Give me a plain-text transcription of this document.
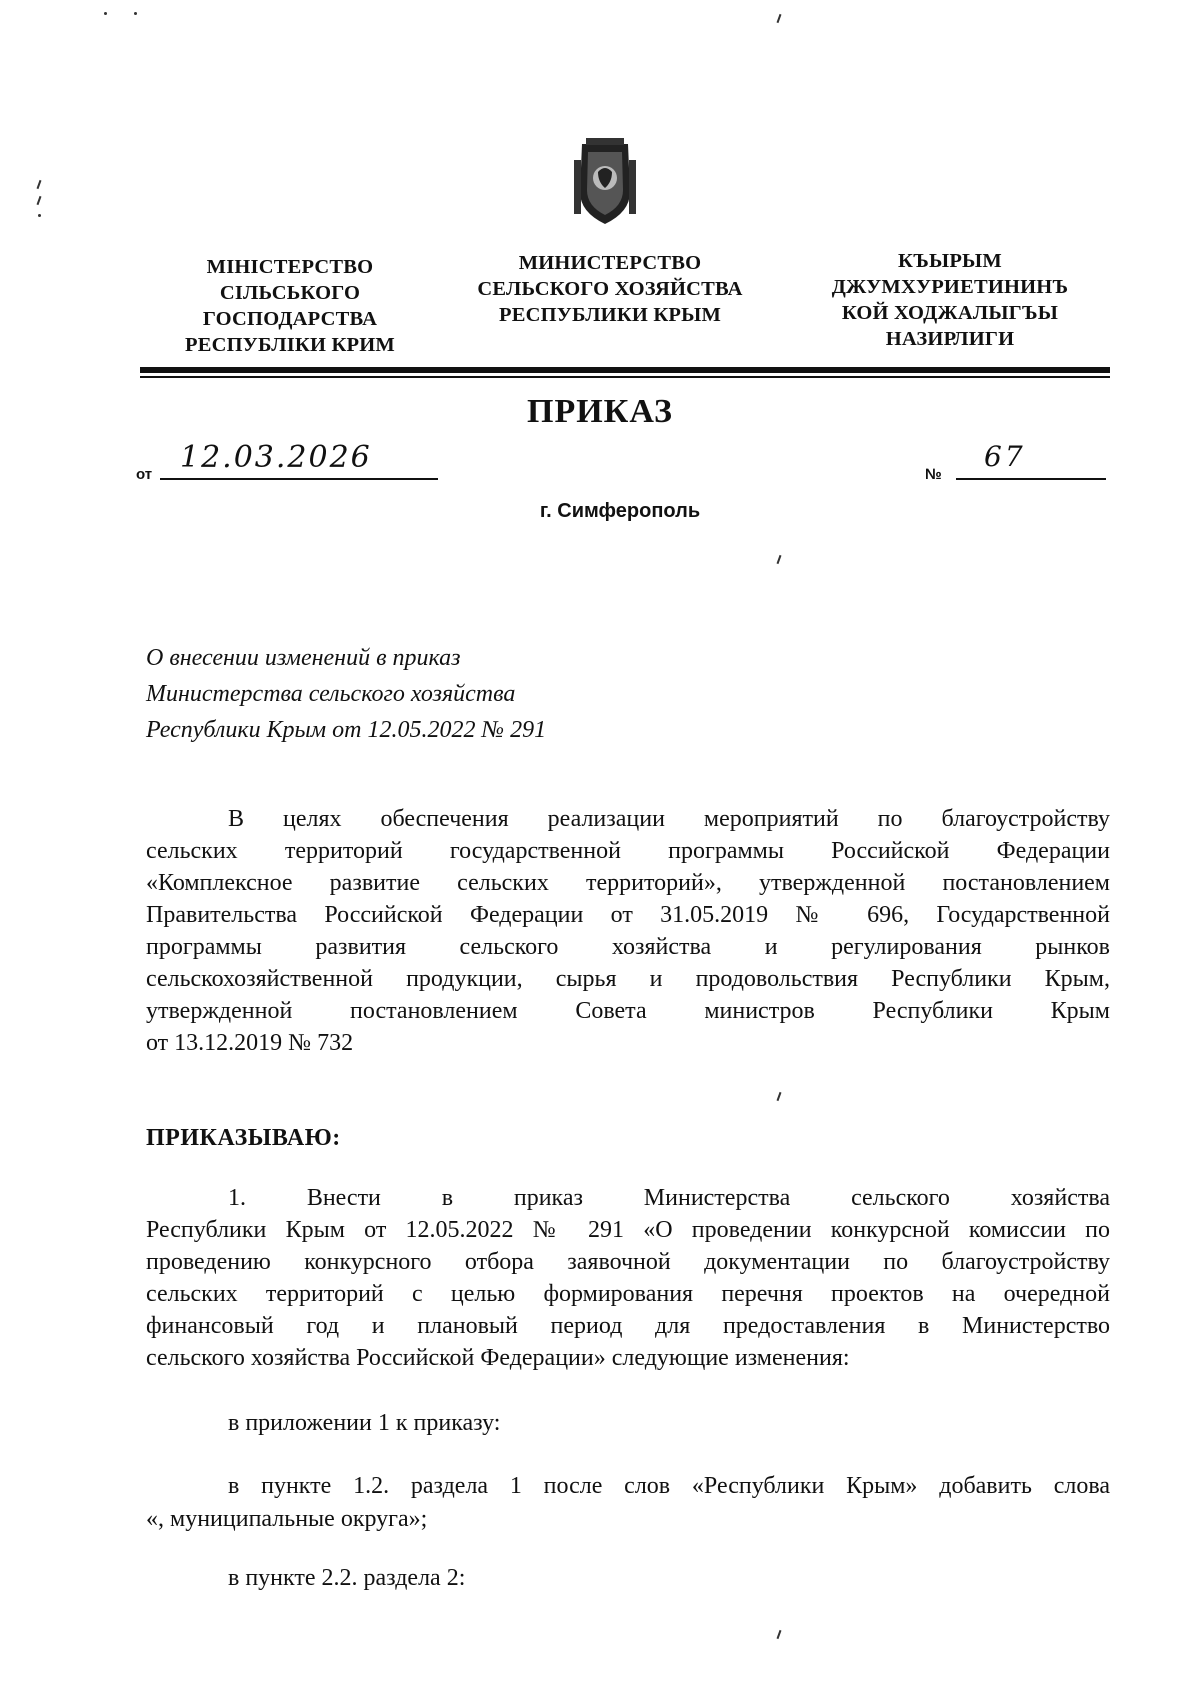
МІНІСТЕРСТВО
СІЛЬСЬКОГО
ГОСПОДАРСТВА
РЕСПУБЛІКИ КРИМ
МИНИСТЕРСТВО
СЕЛЬСКОГО ХОЗЯЙСТВА
РЕСПУБЛИКИ КРЫМ
КЪЫРЫМ
ДЖУМХУРИЕТИНИНЪ
КОЙ ХОДЖАЛЫГЪЫ
НАЗИРЛИГИ
ПРИКАЗ
от 12.03.2026	№
67
г. Симферополь
О внесении изменений в приказ
Министерства сельского хозяйства
Республики Крым от 12.05.2022 № 291
В целях обеспечения реализации мероприятий по благоустройству
сельских территорий государственной программы Российской Федерации
«Комплексное развитие сельских территорий», утвержденной постановлением
Правительства Российской Федерации от 31.05.2019 № 696, Государственной
программы развития сельского хозяйства и регулирования рынков
сельскохозяйственной продукции, сырья и продовольствия Республики Крым,
утвержденной постановлением Совета министров Республики Крым
от 13.12.2019 № 732
ПРИКАЗЫВАЮ:
1. Внести в приказ Министерства сельского хозяйства
Республики Крым от 12.05.2022 № 291 «О проведении конкурсной комиссии по
проведению конкурсного отбора заявочной документации по благоустройству
сельских территорий с целью формирования перечня проектов на очередной
финансовый год и плановый период для предоставления в Министерство
сельского хозяйства Российской Федерации» следующие изменения:
в приложении 1 к приказу:
в пункте 1.2. раздела 1 после слов «Республики Крым» добавить слова
«, муниципальные округа»;
в пункте 2.2. раздела 2:
